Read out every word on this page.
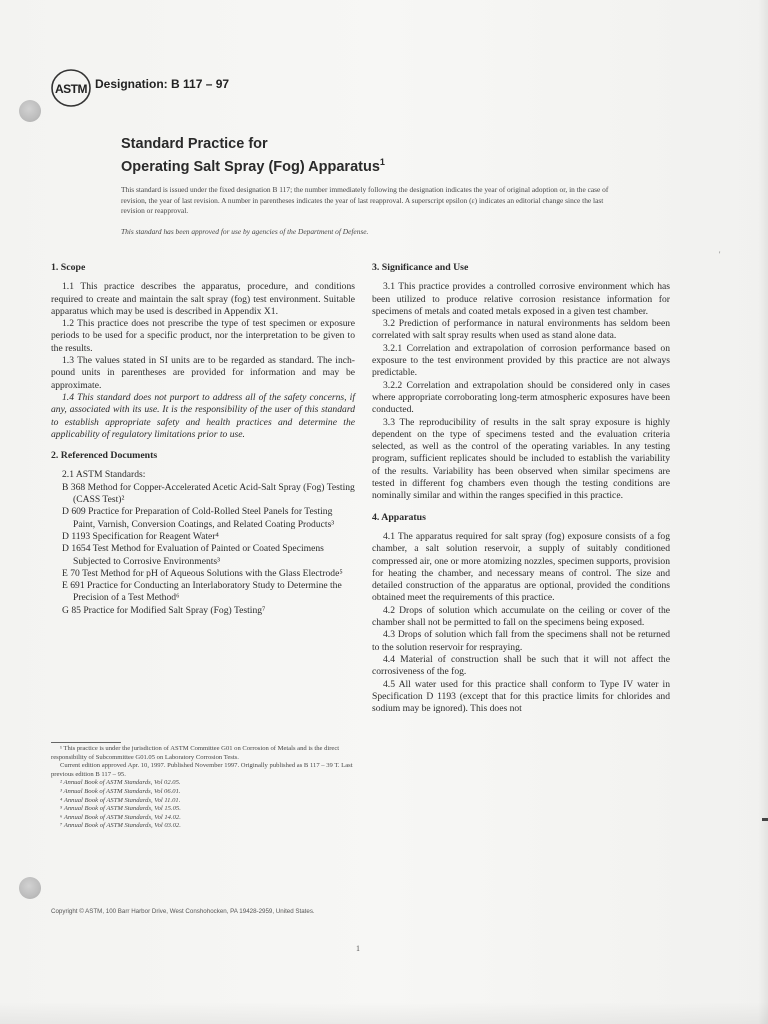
ASTM Designation: B 117 – 97
Standard Practice for
Operating Salt Spray (Fog) Apparatus$^1$
This standard is issued under the fixed designation B 117; the number immediately following the designation indicates the year of original adoption or, in the case of revision, the year of last revision. A number in parentheses indicates the year of last reapproval. A superscript epsilon (ε) indicates an editorial change since the last revision or reapproval.
This standard has been approved for use by agencies of the Department of Defense.
'
1. Scope

1.1 This practice describes the apparatus, procedure, and conditions required to create and maintain the salt spray (fog) test environment. Suitable apparatus which may be used is described in Appendix X1.

1.2 This practice does not prescribe the type of test specimen or exposure periods to be used for a specific product, nor the interpretation to be given to the results.

1.3 The values stated in SI units are to be regarded as standard. The inch-pound units in parentheses are provided for information and may be approximate.

1.4 This standard does not purport to address all of the safety concerns, if any, associated with its use. It is the responsibility of the user of this standard to establish appropriate safety and health practices and determine the applicability of regulatory limitations prior to use.

2. Referenced Documents
2.1 ASTM Standards:
B 368 Method for Copper-Accelerated Acetic Acid-Salt Spray (Fog) Testing (CASS Test)²
D 609 Practice for Preparation of Cold-Rolled Steel Panels for Testing Paint, Varnish, Conversion Coatings, and Related Coating Products³
D 1193 Specification for Reagent Water⁴
D 1654 Test Method for Evaluation of Painted or Coated Specimens Subjected to Corrosive Environments³
E 70 Test Method for pH of Aqueous Solutions with the Glass Electrode⁵
E 691 Practice for Conducting an Interlaboratory Study to Determine the Precision of a Test Method⁶
G 85 Practice for Modified Salt Spray (Fog) Testing⁷
¹ This practice is under the jurisdiction of ASTM Committee G01 on Corrosion of Metals and is the direct responsibility of Subcommittee G01.05 on Laboratory Corrosion Tests.
Current edition approved Apr. 10, 1997. Published November 1997. Originally published as B 117 – 39 T. Last previous edition B 117 – 95.
² Annual Book of ASTM Standards, Vol 02.05.
³ Annual Book of ASTM Standards, Vol 06.01.
⁴ Annual Book of ASTM Standards, Vol 11.01.
⁵ Annual Book of ASTM Standards, Vol 15.05.
⁶ Annual Book of ASTM Standards, Vol 14.02.
⁷ Annual Book of ASTM Standards, Vol 03.02.
3. Significance and Use

3.1 This practice provides a controlled corrosive environment which has been utilized to produce relative corrosion resistance information for specimens of metals and coated metals exposed in a given test chamber.

3.2 Prediction of performance in natural environments has seldom been correlated with salt spray results when used as stand alone data.

3.2.1 Correlation and extrapolation of corrosion performance based on exposure to the test environment provided by this practice are not always predictable.

3.2.2 Correlation and extrapolation should be considered only in cases where appropriate corroborating long-term atmospheric exposures have been conducted.

3.3 The reproducibility of results in the salt spray exposure is highly dependent on the type of specimens tested and the evaluation criteria selected, as well as the control of the operating variables. In any testing program, sufficient replicates should be included to establish the variability of the results. Variability has been observed when similar specimens are tested in different fog chambers even though the testing conditions are nominally similar and within the ranges specified in this practice.

4. Apparatus

4.1 The apparatus required for salt spray (fog) exposure consists of a fog chamber, a salt solution reservoir, a supply of suitably conditioned compressed air, one or more atomizing nozzles, specimen supports, provision for heating the chamber, and necessary means of control. The size and detailed construction of the apparatus are optional, provided the conditions obtained meet the requirements of this practice.

4.2 Drops of solution which accumulate on the ceiling or cover of the chamber shall not be permitted to fall on the specimens being exposed.

4.3 Drops of solution which fall from the specimens shall not be returned to the solution reservoir for respraying.

4.4 Material of construction shall be such that it will not affect the corrosiveness of the fog.

4.5 All water used for this practice shall conform to Type IV water in Specification D 1193 (except that for this practice limits for chlorides and sodium may be ignored). This does not

Copyright © ASTM, 100 Barr Harbor Drive, West Conshohocken, PA 19428-2959, United States.
1
